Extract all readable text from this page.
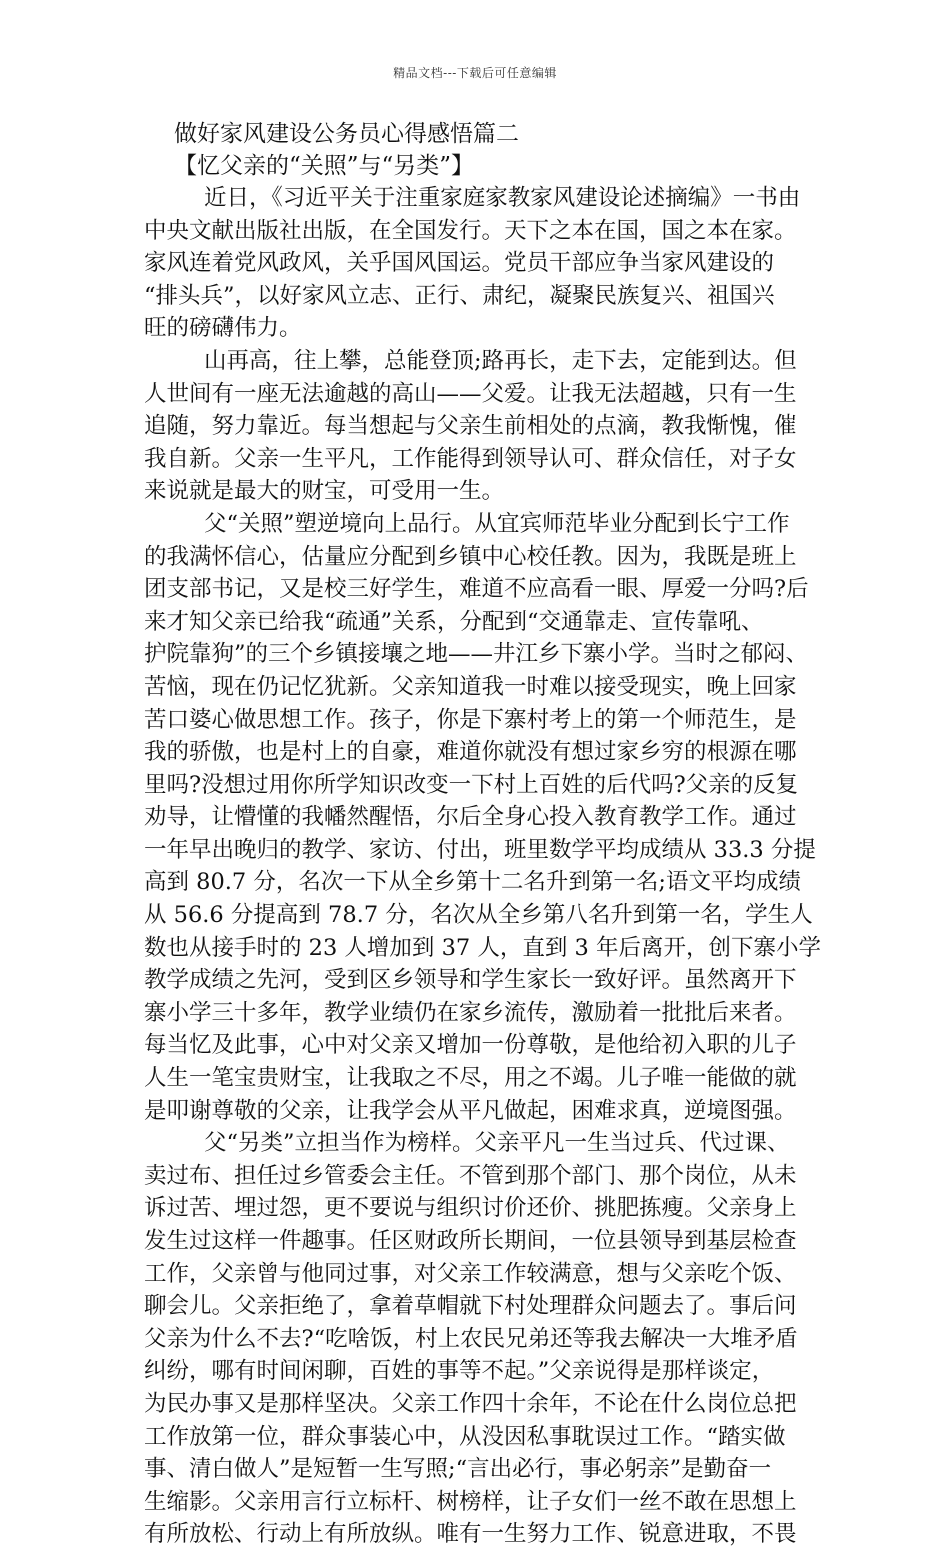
精品文档---下载后可任意编辑

做好家风建设公务员心得感悟篇二

【忆父亲的“关照”与“另类”】

近日，《习近平关于注重家庭家教家风建设论述摘编》一书由

中央文献出版社出版，在全国发行。天下之本在国，国之本在家。

家风连着党风政风，关乎国风国运。党员干部应争当家风建设的

“排头兵”，以好家风立志、正行、肃纪，凝聚民族复兴、祖国兴

旺的磅礴伟力。

山再高，往上攀，总能登顶;路再长，走下去，定能到达。但

人世间有一座无法逾越的高山——父爱。让我无法超越，只有一生

追随，努力靠近。每当想起与父亲生前相处的点滴，教我惭愧，催

我自新。父亲一生平凡，工作能得到领导认可、群众信任，对子女

来说就是最大的财宝，可受用一生。

父“关照”塑逆境向上品行。从宜宾师范毕业分配到长宁工作

的我满怀信心，估量应分配到乡镇中心校任教。因为，我既是班上

团支部书记，又是校三好学生，难道不应高看一眼、厚爱一分吗?后

来才知父亲已给我“疏通”关系，分配到“交通靠走、宣传靠吼、

护院靠狗”的三个乡镇接壤之地——井江乡下寨小学。当时之郁闷、

苦恼，现在仍记忆犹新。父亲知道我一时难以接受现实，晚上回家

苦口婆心做思想工作。孩子，你是下寨村考上的第一个师范生，是

我的骄傲，也是村上的自豪，难道你就没有想过家乡穷的根源在哪

里吗?没想过用你所学知识改变一下村上百姓的后代吗?父亲的反复

劝导，让懵懂的我幡然醒悟，尔后全身心投入教育教学工作。通过

一年早出晚归的教学、家访、付出，班里数学平均成绩从 33.3 分提

高到 80.7 分，名次一下从全乡第十二名升到第一名;语文平均成绩

从 56.6 分提高到 78.7 分，名次从全乡第八名升到第一名，学生人

数也从接手时的 23 人增加到 37 人，直到 3 年后离开，创下寨小学

教学成绩之先河，受到区乡领导和学生家长一致好评。虽然离开下

寨小学三十多年，教学业绩仍在家乡流传，激励着一批批后来者。

每当忆及此事，心中对父亲又增加一份尊敬，是他给初入职的儿子

人生一笔宝贵财宝，让我取之不尽，用之不竭。儿子唯一能做的就

是叩谢尊敬的父亲，让我学会从平凡做起，困难求真，逆境图强。

父“另类”立担当作为榜样。父亲平凡一生当过兵、代过课、

卖过布、担任过乡管委会主任。不管到那个部门、那个岗位，从未

诉过苦、埋过怨，更不要说与组织讨价还价、挑肥拣瘦。父亲身上

发生过这样一件趣事。任区财政所长期间，一位县领导到基层检查

工作，父亲曾与他同过事，对父亲工作较满意，想与父亲吃个饭、

聊会儿。父亲拒绝了，拿着草帽就下村处理群众问题去了。事后问

父亲为什么不去?“吃啥饭，村上农民兄弟还等我去解决一大堆矛盾

纠纷，哪有时间闲聊，百姓的事等不起。”父亲说得是那样谈定，

为民办事又是那样坚决。父亲工作四十余年，不论在什么岗位总把

工作放第一位，群众事装心中，从没因私事耽误过工作。“踏实做

事、清白做人”是短暂一生写照;“言出必行，事必躬亲”是勤奋一

生缩影。父亲用言行立标杆、树榜样，让子女们一丝不敢在思想上

有所放松、行动上有所放纵。唯有一生努力工作、锐意进取，不畏
